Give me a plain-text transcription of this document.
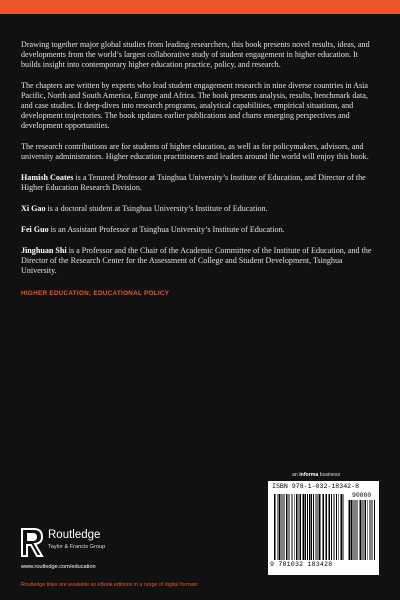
Drawing together major global studies from leading researchers, this book presents novel results, ideas, and developments from the world’s largest collaborative study of student engagement in higher education. It builds insight into contemporary higher education practice, policy, and research.

The chapters are written by experts who lead student engagement research in nine diverse countries in Asia Pacific, North and South America, Europe and Africa. The book presents analysis, results, benchmark data, and case studies. It deep-dives into research programs, analytical capabilities, empirical situations, and development trajectories. The book updates earlier publications and charts emerging perspectives and development opportunities.

The research contributions are for students of higher education, as well as for policymakers, advisors, and university administrators. Higher education practitioners and leaders around the world will enjoy this book.

Hamish Coates is a Tenured Professor at Tsinghua University’s Institute of Education, and Director of the Higher Education Research Division.

Xi Gao is a doctoral student at Tsinghua University’s Institute of Education.

Fei Guo is an Assistant Professor at Tsinghua University’s Institute of Education.

Jinghuan Shi is a Professor and the Chair of the Academic Committee of the Institute of Education, and the Director of the Research Center for the Assessment of College and Student Development, Tsinghua University.

HIGHER EDUCATION; EDUCATIONAL POLICY
an informa business
Routledge
Taylor & Francis Group
www.routledge.com/education
Routledge titles are available as eBook editions in a range of digital formats
ISBN 978-1-032-18342-8
90000
9 781032 183428
